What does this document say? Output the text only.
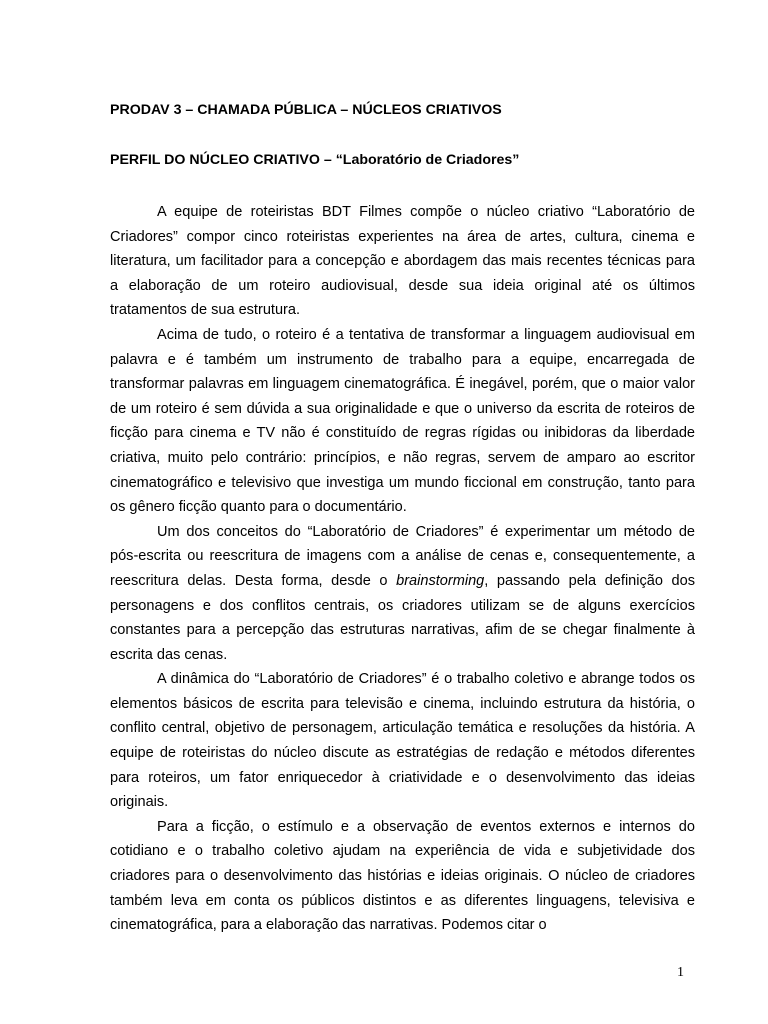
PRODAV 3 – CHAMADA PÚBLICA – NÚCLEOS CRIATIVOS

PERFIL DO NÚCLEO CRIATIVO – “Laboratório de Criadores”

A equipe de roteiristas BDT Filmes compõe o núcleo criativo “Laboratório de Criadores” compor cinco roteiristas experientes na área de artes, cultura, cinema e literatura, um facilitador para a concepção e abordagem das mais recentes técnicas para a elaboração de um roteiro audiovisual, desde sua ideia original até os últimos tratamentos de sua estrutura.

Acima de tudo, o roteiro é a tentativa de transformar a linguagem audiovisual em palavra e é também um instrumento de trabalho para a equipe, encarregada de transformar palavras em linguagem cinematográfica. É inegável, porém, que o maior valor de um roteiro é sem dúvida a sua originalidade e que o universo da escrita de roteiros de ficção para cinema e TV não é constituído de regras rígidas ou inibidoras da liberdade criativa, muito pelo contrário: princípios, e não regras, servem de amparo ao escritor cinematográfico e televisivo que investiga um mundo ficcional em construção, tanto para os gênero ficção quanto para o documentário.

Um dos conceitos do “Laboratório de Criadores” é experimentar um método de pós-escrita ou reescritura de imagens com a análise de cenas e, consequentemente, a reescritura delas. Desta forma, desde o brainstorming, passando pela definição dos personagens e dos conflitos centrais, os criadores utilizam se de alguns exercícios constantes para a percepção das estruturas narrativas, afim de se chegar finalmente à escrita das cenas.

A dinâmica do “Laboratório de Criadores” é o trabalho coletivo e abrange todos os elementos básicos de escrita para televisão e cinema, incluindo estrutura da história, o conflito central, objetivo de personagem, articulação temática e resoluções da história. A equipe de roteiristas do núcleo discute as estratégias de redação e métodos diferentes para roteiros, um fator enriquecedor à criatividade e o desenvolvimento das ideias originais.

Para a ficção, o estímulo e a observação de eventos externos e internos do cotidiano e o trabalho coletivo ajudam na experiência de vida e subjetividade dos criadores para o desenvolvimento das histórias e ideias originais. O núcleo de criadores também leva em conta os públicos distintos e as diferentes linguagens, televisiva e cinematográfica, para a elaboração das narrativas. Podemos citar o

1
